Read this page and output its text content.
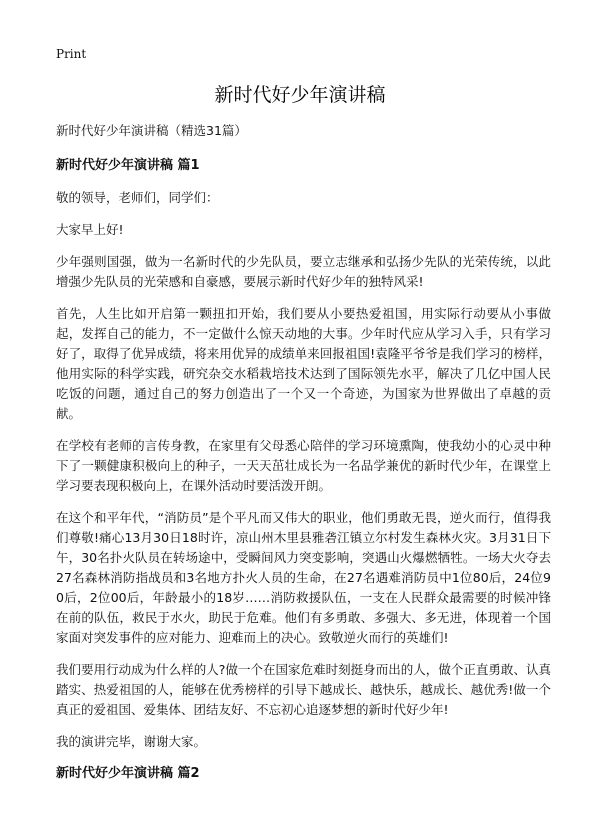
Print
新时代好少年演讲稿

新时代好少年演讲稿（精选31篇）

新时代好少年演讲稿 篇1

敬的领导，老师们，同学们：

大家早上好!

少年强则国强，做为一名新时代的少先队员，要立志继承和弘扬少先队的光荣传统，以此增强少先队员的光荣感和自豪感，要展示新时代好少年的独特风采!

首先，人生比如开启第一颗扭扣开始，我们要从小要热爱祖国，用实际行动要从小事做起，发挥自己的能力，不一定做什么惊天动地的大事。少年时代应从学习入手，只有学习好了，取得了优异成绩，将来用优异的成绩单来回报祖国!袁隆平爷爷是我们学习的榜样，他用实际的科学实践，研究杂交水稻栽培技术达到了国际领先水平，解决了几亿中国人民吃饭的问题，通过自己的努力创造出了一个又一个奇迹，为国家为世界做出了卓越的贡献。

在学校有老师的言传身教，在家里有父母悉心陪伴的学习环境熏陶，使我幼小的心灵中种下了一颗健康积极向上的种子，一天天茁壮成长为一名品学兼优的新时代少年，在课堂上学习要表现积极向上，在课外活动时要活泼开朗。

在这个和平年代，“消防员”是个平凡而又伟大的职业，他们勇敢无畏，逆火而行，值得我们尊敬!痛心13月30日18时许，凉山州木里县雅砻江镇立尔村发生森林火灾。3月31日下午，30名扑火队员在转场途中，受瞬间风力突变影响，突遇山火爆燃牺牲。一场大火夺去27名森林消防指战员和3名地方扑火人员的生命，在27名遇难消防员中1位80后，24位90后，2位00后，年龄最小的18岁……消防救援队伍，一支在人民群众最需要的时候冲锋在前的队伍，救民于水火，助民于危难。他们有多勇敢、多强大、多无进，体现着一个国家面对突发事件的应对能力、迎难而上的决心。致敬逆火而行的英雄们!

我们要用行动成为什么样的人?做一个在国家危难时刻挺身而出的人，做个正直勇敢、认真踏实、热爱祖国的人，能够在优秀榜样的引导下越成长、越快乐，越成长、越优秀!做一个真正的爱祖国、爱集体、团结友好、不忘初心追逐梦想的新时代好少年!

我的演讲完毕，谢谢大家。

新时代好少年演讲稿 篇2
